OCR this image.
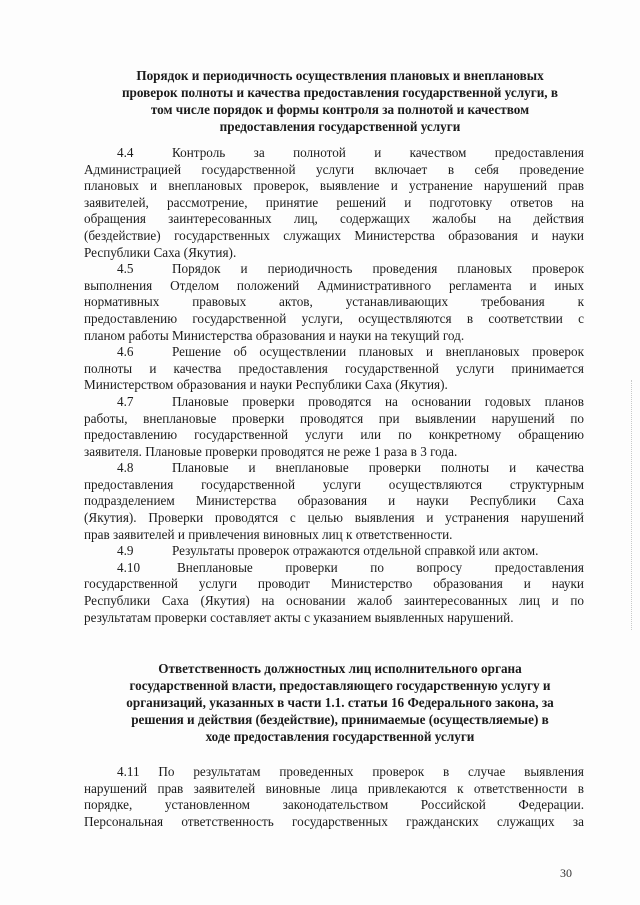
Порядок и периодичность осуществления плановых и внеплановых
проверок полноты и качества предоставления государственной услуги, в
том числе порядок и формы контроля за полнотой и качеством
предоставления государственной услуги
4.4	Контроль за полнотой и качеством предоставления
Администрацией государственной услуги включает в себя проведение
плановых и внеплановых проверок, выявление и устранение нарушений прав
заявителей, рассмотрение, принятие решений и подготовку ответов на
обращения заинтересованных лиц, содержащих жалобы на действия
(бездействие) государственных служащих Министерства образования и науки
Республики Саха (Якутия).
4.5	Порядок и периодичность проведения плановых проверок
выполнения Отделом положений Административного регламента и иных
нормативных правовых актов, устанавливающих требования к
предоставлению государственной услуги, осуществляются в соответствии с
планом работы Министерства образования и науки на текущий год.
4.6	Решение об осуществлении плановых и внеплановых проверок
полноты и качества предоставления государственной услуги принимается
Министерством образования и науки Республики Саха (Якутия).
4.7	Плановые проверки проводятся на основании годовых планов
работы, внеплановые проверки проводятся при выявлении нарушений по
предоставлению государственной услуги или по конкретному обращению
заявителя. Плановые проверки проводятся не реже 1 раза в 3 года.
4.8	Плановые и внеплановые проверки полноты и качества
предоставления государственной услуги осуществляются структурным
подразделением Министерства образования и науки Республики Саха
(Якутия). Проверки проводятся с целью выявления и устранения нарушений
прав заявителей и привлечения виновных лиц к ответственности.
4.9	Результаты проверок отражаются отдельной справкой или актом.
4.10	Внеплановые проверки по вопросу предоставления
государственной услуги проводит Министерство образования и науки
Республики Саха (Якутия) на основании жалоб заинтересованных лиц и по
результатам проверки составляет акты с указанием выявленных нарушений.
Ответственность должностных лиц исполнительного органа
государственной власти, предоставляющего государственную услугу и
организаций, указанных в части 1.1. статьи 16 Федерального закона, за
решения и действия (бездействие), принимаемые (осуществляемые) в
ходе предоставления государственной услуги
4.11 По результатам проведенных проверок в случае выявления
нарушений прав заявителей виновные лица привлекаются к ответственности в
порядке, установленном законодательством Российской Федерации.
Персональная ответственность государственных гражданских служащих за
30
